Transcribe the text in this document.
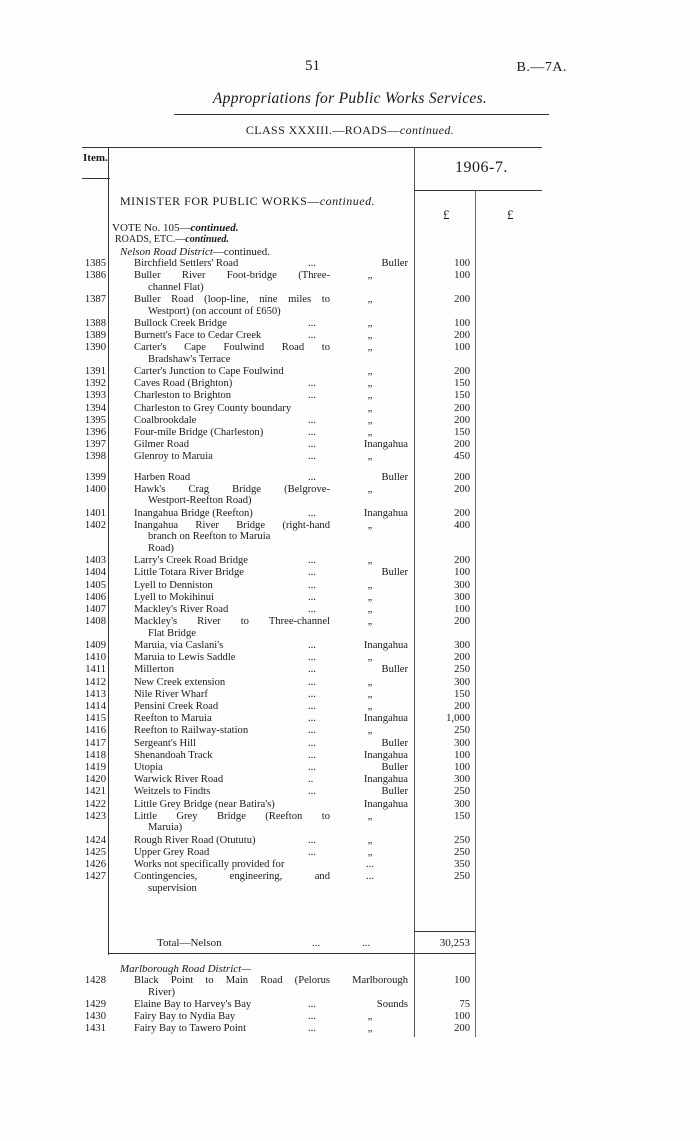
51	B.—7A.
Appropriations for Public Works Services.
CLASS XXXIII.—ROADS—continued.
Item.
1906-7.
MINISTER FOR PUBLIC WORKS—continued.
£	£
VOTE No. 105—continued.
ROADS, ETC.—continued.
Nelson Road District—continued.
1385	Birchfield Settlers' Road	...	Buller	100
1386	Buller River Foot-bridge (Three-
channel Flat)
„	100
1387	Buller Road (loop-line, nine miles to
Westport) (on account of £650)
„	200
1388	Bullock Creek Bridge	...	„	100
1389	Burnett's Face to Cedar Creek	...	„	200
1390	Carter's Cape Foulwind Road to
Bradshaw's Terrace
„	100
1391	Carter's Junction to Cape Foulwind	„	200
1392	Caves Road (Brighton)	...	„	150
1393	Charleston to Brighton	...	„	150
1394	Charleston to Grey County boundary	„	200
1395	Coalbrookdale	...	„	200
1396	Four-mile Bridge (Charleston)	...	„	150
1397	Gilmer Road	...	Inangahua	200
1398	Glenroy to Maruia	...	„	450
1399	Harben Road	...	Buller	200
1400	Hawk's Crag Bridge (Belgrove-
Westport-Reefton Road)
„	200
1401	Inangahua Bridge (Reefton)	...	Inangahua	200
1402	Inangahua River Bridge (right-hand
branch on Reefton to Maruia
Road)
„	400
1403	Larry's Creek Road Bridge	...	„	200
1404	Little Totara River Bridge	...	Buller	100
1405	Lyell to Denniston	...	„	300
1406	Lyell to Mokihinui	...	„	300
1407	Mackley's River Road	...	„	100
1408	Mackley's River to Three-channel
Flat Bridge
„	200
1409	Maruia, via Caslani's	...	Inangahua	300
1410	Maruia to Lewis Saddle	...	„	200
1411	Millerton	...	Buller	250
1412	New Creek extension	...	„	300
1413	Nile River Wharf	...	„	150
1414	Pensini Creek Road	...	„	200
1415	Reefton to Maruia	...	Inangahua	1,000
1416	Reefton to Railway-station	...	„	250
1417	Sergeant's Hill	...	Buller	300
1418	Shenandoah Track	...	Inangahua	100
1419	Utopia	...	Buller	100
1420	Warwick River Road	..	Inangahua	300
1421	Weitzels to Findts	...	Buller	250
1422	Little Grey Bridge (near Batira's)	Inangahua	300
1423	Little Grey Bridge (Reefton to
Maruia)
„	150
1424	Rough River Road (Otututu)	...	„	250
1425	Upper Grey Road	...	„	250
1426	Works not specifically provided for	...	350
1427	Contingencies, engineering, and
supervision
...	250
Total—Nelson	...	...	30,253
Marlborough Road District—
1428	Black Point to Main Road (Pelorus
River)
Marlborough	100
1429	Elaine Bay to Harvey's Bay	...	Sounds	75
1430	Fairy Bay to Nydia Bay	...	„	100
1431	Fairy Bay to Tawero Point	...	„	200
